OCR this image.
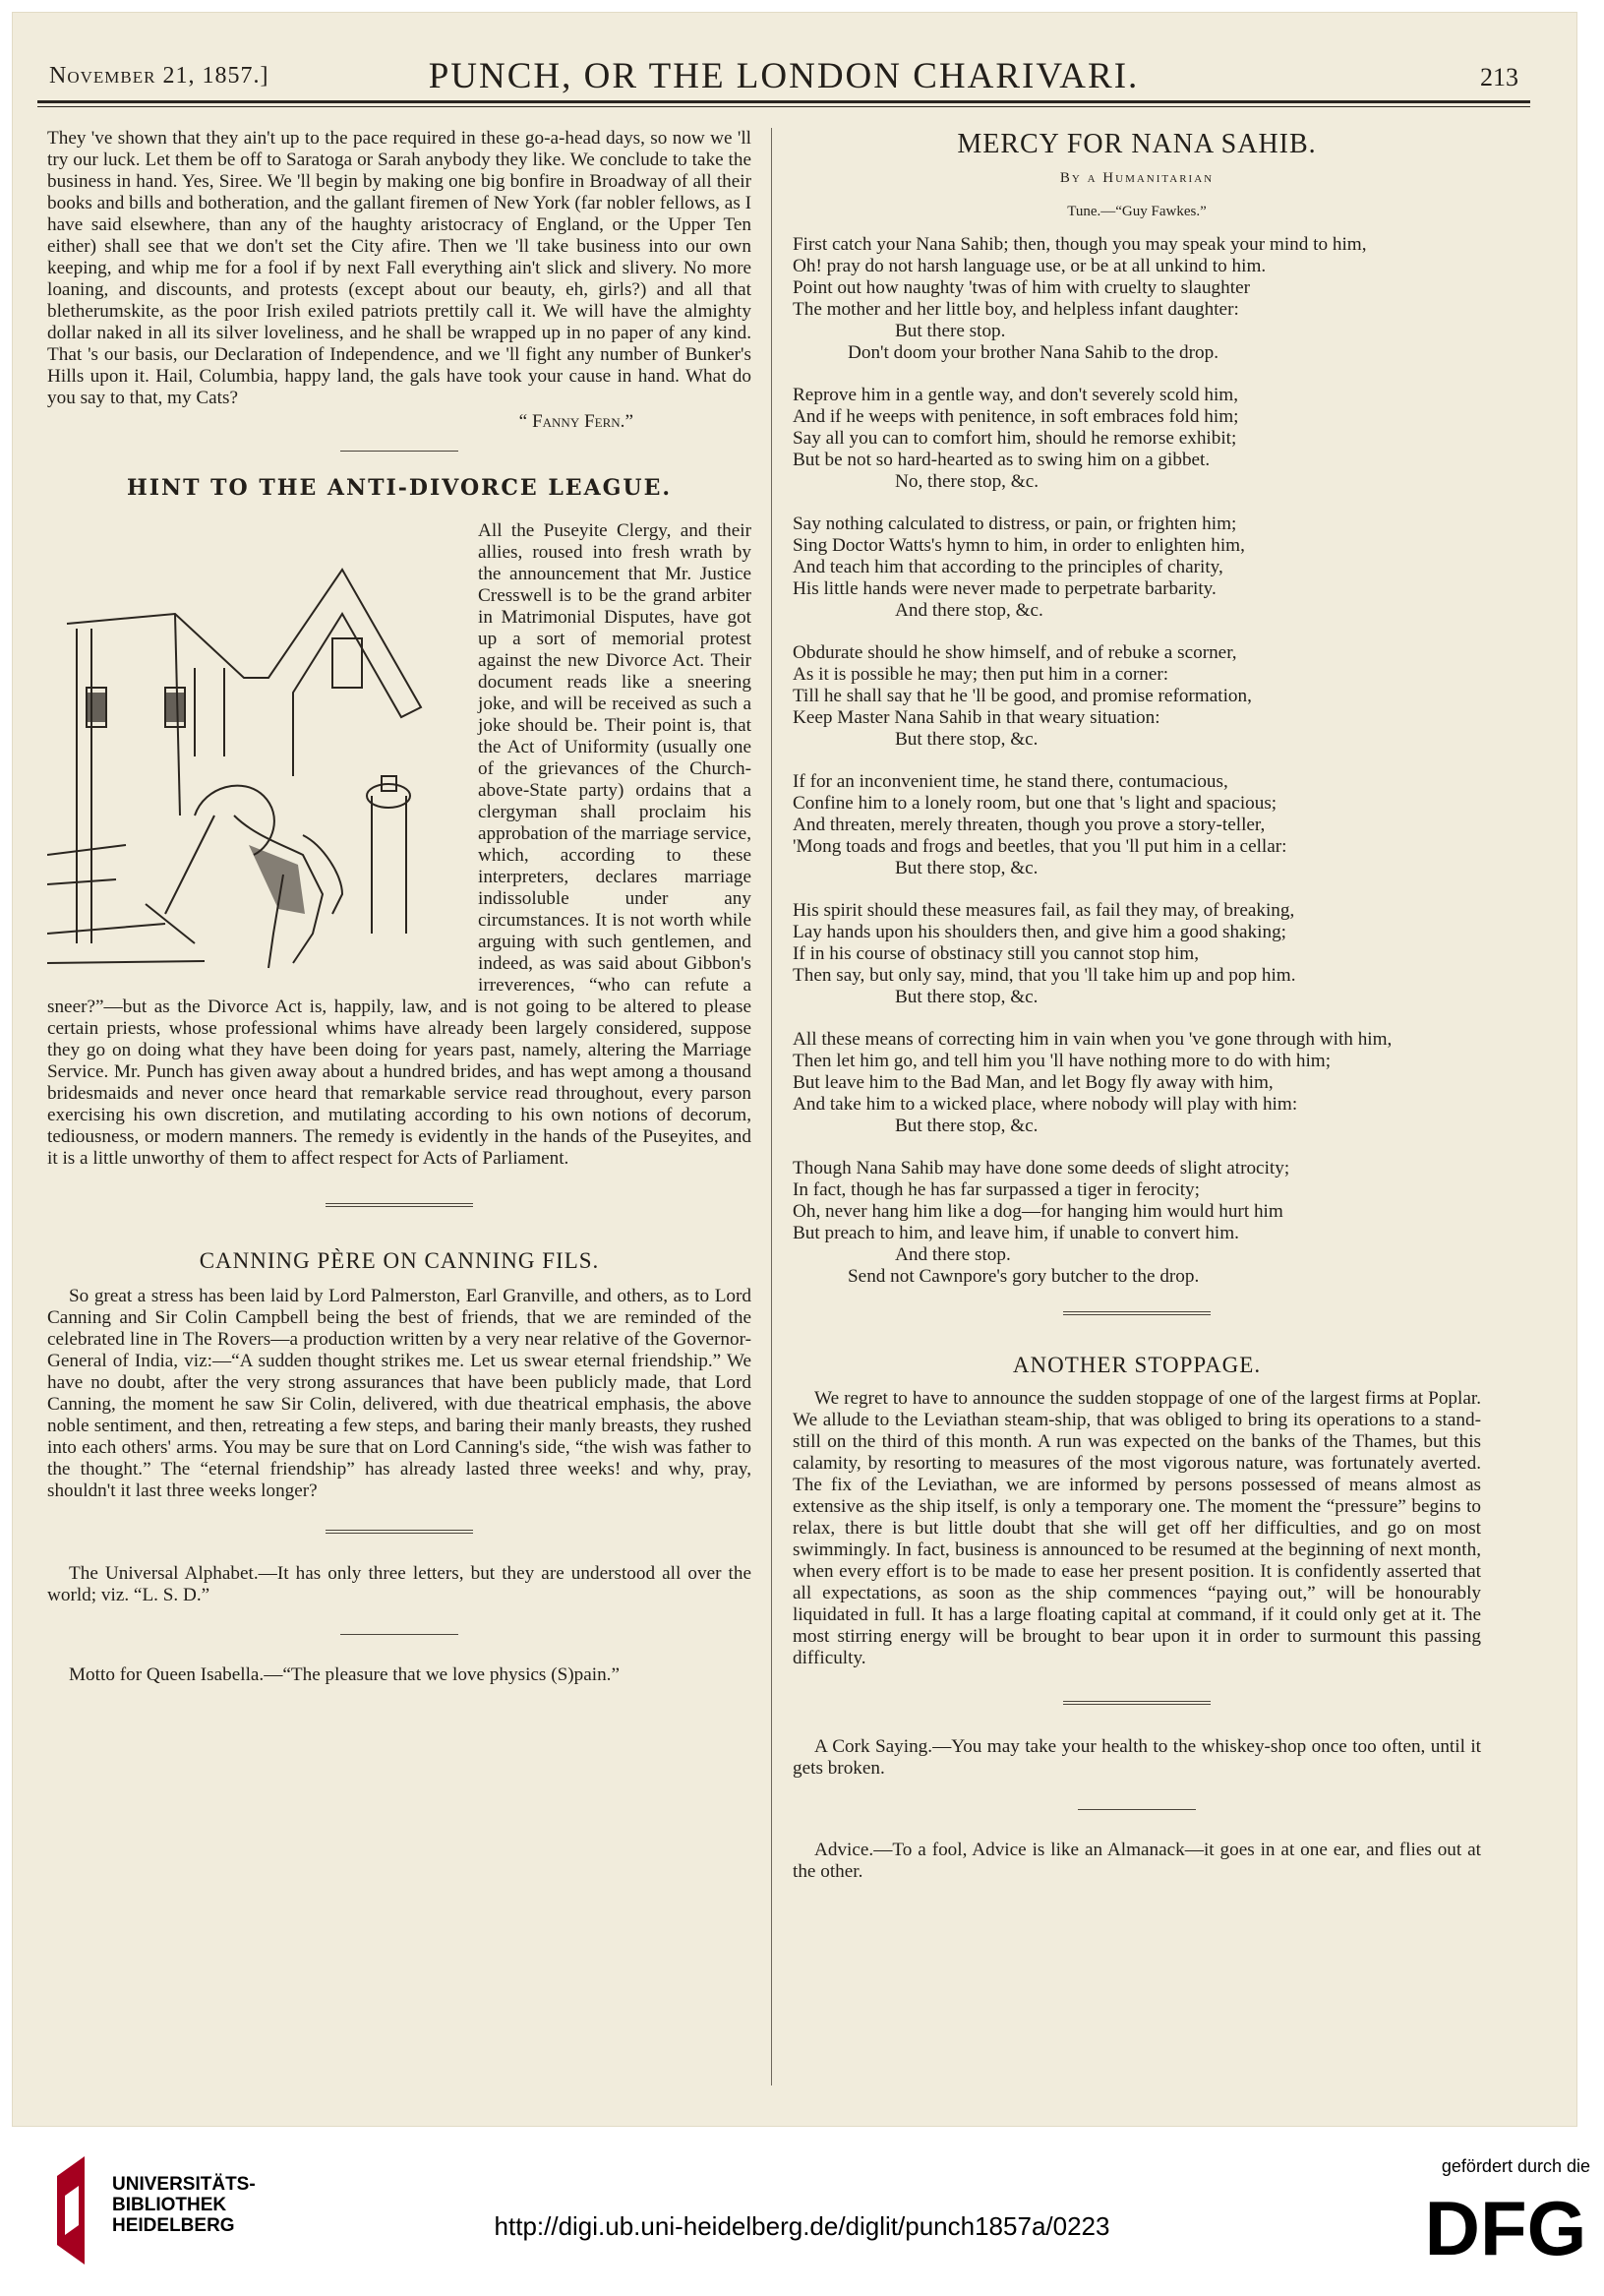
November 21, 1857.]	PUNCH, OR THE LONDON CHARIVARI.	213

They 've shown that they ain't up to the pace required in these go-a-head days, so now we 'll try our luck. Let them be off to Saratoga or Sarah anybody they like. We conclude to take the business in hand. Yes, Siree. We 'll begin by making one big bonfire in Broadway of all their books and bills and botheration, and the gallant firemen of New York (far nobler fellows, as I have said elsewhere, than any of the haughty aristocracy of England, or the Upper Ten either) shall see that we don't set the City afire. Then we 'll take business into our own keeping, and whip me for a fool if by next Fall everything ain't slick and slivery. No more loaning, and discounts, and protests (except about our beauty, eh, girls?) and all that bletherumskite, as the poor Irish exiled patriots prettily call it. We will have the almighty dollar naked in all its silver loveliness, and he shall be wrapped up in no paper of any kind. That 's our basis, our Declaration of Independence, and we 'll fight any number of Bunker's Hills upon it. Hail, Columbia, happy land, the gals have took your cause in hand. What do you say to that, my Cats?

“ Fanny Fern.”

HINT TO THE ANTI-DIVORCE LEAGUE.

All the Puseyite Clergy, and their allies, roused into fresh wrath by the announcement that Mr. Justice Cresswell is to be the grand arbiter in Matrimonial Disputes, have got up a sort of memorial protest against the new Divorce Act. Their document reads like a sneering joke, and will be received as such a joke should be. Their point is, that the Act of Uniformity (usually one of the grievances of the Church-above-State party) ordains that a clergyman shall proclaim his approbation of the marriage service, which, according to these interpreters, declares marriage indissoluble under any circumstances. It is not worth while arguing with such gentlemen, and indeed, as was said about Gibbon's irreverences, “who can refute a sneer?”—but as the Divorce Act is, happily, law, and is not going to be altered to please certain priests, whose professional whims have already been largely considered, suppose they go on doing what they have been doing for years past, namely, altering the Marriage Service. Mr. Punch has given away about a hundred brides, and has wept among a thousand bridesmaids and never once heard that remarkable service read throughout, every parson exercising his own discretion, and mutilating according to his own notions of decorum, tediousness, or modern manners. The remedy is evidently in the hands of the Puseyites, and it is a little unworthy of them to affect respect for Acts of Parliament.

CANNING PÈRE ON CANNING FILS.

So great a stress has been laid by Lord Palmerston, Earl Granville, and others, as to Lord Canning and Sir Colin Campbell being the best of friends, that we are reminded of the celebrated line in The Rovers—a production written by a very near relative of the Governor-General of India, viz:—“A sudden thought strikes me. Let us swear eternal friendship.” We have no doubt, after the very strong assurances that have been publicly made, that Lord Canning, the moment he saw Sir Colin, delivered, with due theatrical emphasis, the above noble sentiment, and then, retreating a few steps, and baring their manly breasts, they rushed into each others' arms. You may be sure that on Lord Canning's side, “the wish was father to the thought.” The “eternal friendship” has already lasted three weeks! and why, pray, shouldn't it last three weeks longer?

The Universal Alphabet.—It has only three letters, but they are understood all over the world; viz. “L. S. D.”

Motto for Queen Isabella.—“The pleasure that we love physics (S)pain.”

MERCY FOR NANA SAHIB.
By a Humanitarian
Tune.—“Guy Fawkes.”
First catch your Nana Sahib; then, though you may speak your mind to him,
Oh! pray do not harsh language use, or be at all unkind to him.
Point out how naughty 'twas of him with cruelty to slaughter
The mother and her little boy, and helpless infant daughter:
But there stop.
Don't doom your brother Nana Sahib to the drop.
Reprove him in a gentle way, and don't severely scold him,
And if he weeps with penitence, in soft embraces fold him;
Say all you can to comfort him, should he remorse exhibit;
But be not so hard-hearted as to swing him on a gibbet.
No, there stop, &c.
Say nothing calculated to distress, or pain, or frighten him;
Sing Doctor Watts's hymn to him, in order to enlighten him,
And teach him that according to the principles of charity,
His little hands were never made to perpetrate barbarity.
And there stop, &c.
Obdurate should he show himself, and of rebuke a scorner,
As it is possible he may; then put him in a corner:
Till he shall say that he 'll be good, and promise reformation,
Keep Master Nana Sahib in that weary situation:
But there stop, &c.
If for an inconvenient time, he stand there, contumacious,
Confine him to a lonely room, but one that 's light and spacious;
And threaten, merely threaten, though you prove a story-teller,
'Mong toads and frogs and beetles, that you 'll put him in a cellar:
But there stop, &c.
His spirit should these measures fail, as fail they may, of breaking,
Lay hands upon his shoulders then, and give him a good shaking;
If in his course of obstinacy still you cannot stop him,
Then say, but only say, mind, that you 'll take him up and pop him.
But there stop, &c.
All these means of correcting him in vain when you 've gone through with him,
Then let him go, and tell him you 'll have nothing more to do with him;
But leave him to the Bad Man, and let Bogy fly away with him,
And take him to a wicked place, where nobody will play with him:
But there stop, &c.
Though Nana Sahib may have done some deeds of slight atrocity;
In fact, though he has far surpassed a tiger in ferocity;
Oh, never hang him like a dog—for hanging him would hurt him
But preach to him, and leave him, if unable to convert him.
And there stop.
Send not Cawnpore's gory butcher to the drop.
ANOTHER STOPPAGE.

We regret to have to announce the sudden stoppage of one of the largest firms at Poplar. We allude to the Leviathan steam-ship, that was obliged to bring its operations to a stand-still on the third of this month. A run was expected on the banks of the Thames, but this calamity, by resorting to measures of the most vigorous nature, was fortunately averted. The fix of the Leviathan, we are informed by persons possessed of means almost as extensive as the ship itself, is only a temporary one. The moment the “pressure” begins to relax, there is but little doubt that she will get off her difficulties, and go on most swimmingly. In fact, business is announced to be resumed at the beginning of next month, when every effort is to be made to ease her present position. It is confidently asserted that all expectations, as soon as the ship commences “paying out,” will be honourably liquidated in full. It has a large floating capital at command, if it could only get at it. The most stirring energy will be brought to bear upon it in order to surmount this passing difficulty.

A Cork Saying.—You may take your health to the whiskey-shop once too often, until it gets broken.

Advice.—To a fool, Advice is like an Almanack—it goes in at one ear, and flies out at the other.

UNIVERSITÄTS-
BIBLIOTHEK
HEIDELBERG	http://digi.ub.uni-heidelberg.de/diglit/punch1857a/0223
gefördert durch die
DFG
